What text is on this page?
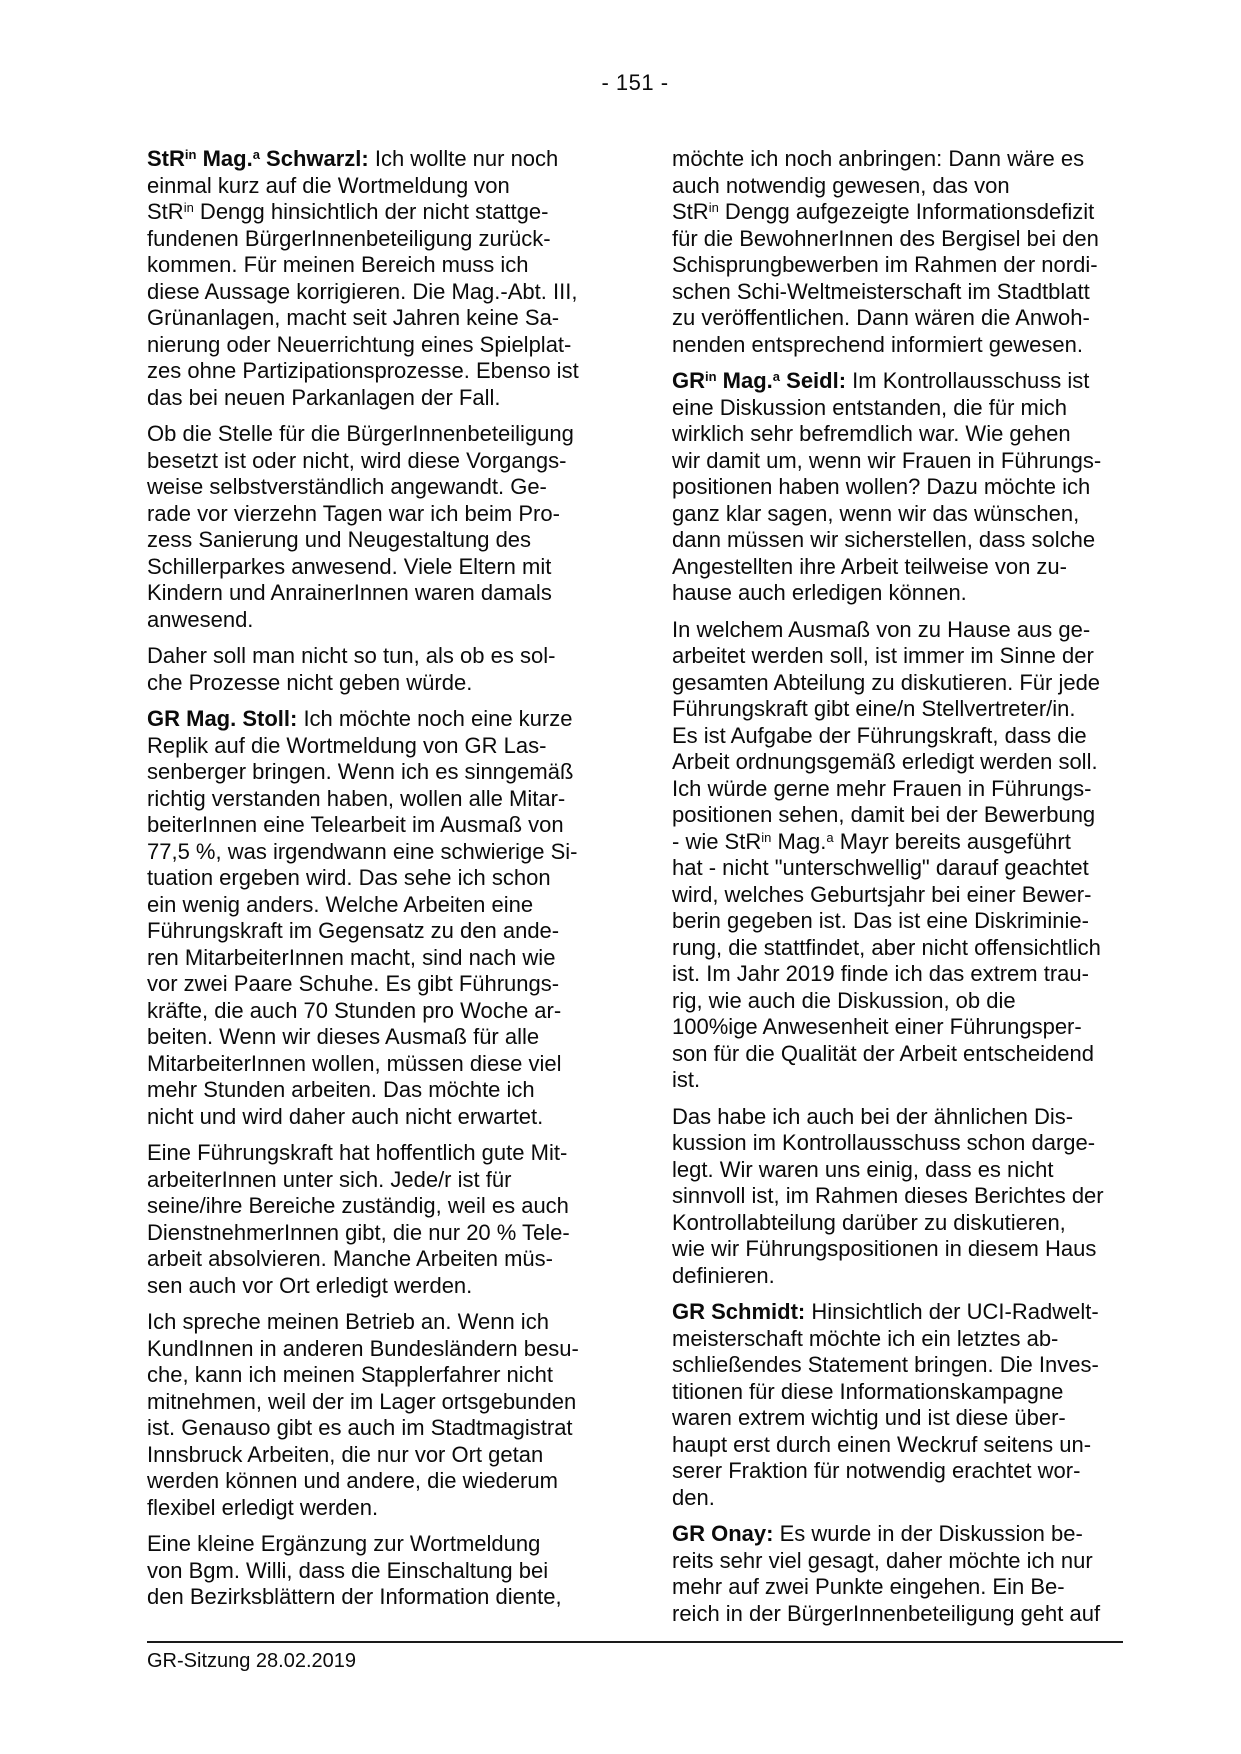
- 151 -
StR$^{in}$ Mag.$^a$ Schwarzl: Ich wollte nur noch
einmal kurz auf die Wortmeldung von
StR$^{in}$ Dengg hinsichtlich der nicht stattge-
fundenen BürgerInnenbeteiligung zurück-
kommen. Für meinen Bereich muss ich
diese Aussage korrigieren. Die Mag.-Abt. III,
Grünanlagen, macht seit Jahren keine Sa-
nierung oder Neuerrichtung eines Spielplat-
zes ohne Partizipationsprozesse. Ebenso ist
das bei neuen Parkanlagen der Fall.
Ob die Stelle für die BürgerInnenbeteiligung
besetzt ist oder nicht, wird diese Vorgangs-
weise selbstverständlich angewandt. Ge-
rade vor vierzehn Tagen war ich beim Pro-
zess Sanierung und Neugestaltung des
Schillerparkes anwesend. Viele Eltern mit
Kindern und AnrainerInnen waren damals
anwesend.
Daher soll man nicht so tun, als ob es sol-
che Prozesse nicht geben würde.
GR Mag. Stoll: Ich möchte noch eine kurze
Replik auf die Wortmeldung von GR Las-
senberger bringen. Wenn ich es sinngemäß
richtig verstanden haben, wollen alle Mitar-
beiterInnen eine Telearbeit im Ausmaß von
77,5 %, was irgendwann eine schwierige Si-
tuation ergeben wird. Das sehe ich schon
ein wenig anders. Welche Arbeiten eine
Führungskraft im Gegensatz zu den ande-
ren MitarbeiterInnen macht, sind nach wie
vor zwei Paare Schuhe. Es gibt Führungs-
kräfte, die auch 70 Stunden pro Woche ar-
beiten. Wenn wir dieses Ausmaß für alle
MitarbeiterInnen wollen, müssen diese viel
mehr Stunden arbeiten. Das möchte ich
nicht und wird daher auch nicht erwartet.
Eine Führungskraft hat hoffentlich gute Mit-
arbeiterInnen unter sich. Jede/r ist für
seine/ihre Bereiche zuständig, weil es auch
DienstnehmerInnen gibt, die nur 20 % Tele-
arbeit absolvieren. Manche Arbeiten müs-
sen auch vor Ort erledigt werden.
Ich spreche meinen Betrieb an. Wenn ich
KundInnen in anderen Bundesländern besu-
che, kann ich meinen Stapplerfahrer nicht
mitnehmen, weil der im Lager ortsgebunden
ist. Genauso gibt es auch im Stadtmagistrat
Innsbruck Arbeiten, die nur vor Ort getan
werden können und andere, die wiederum
flexibel erledigt werden.
Eine kleine Ergänzung zur Wortmeldung
von Bgm. Willi, dass die Einschaltung bei
den Bezirksblättern der Information diente,
möchte ich noch anbringen: Dann wäre es
auch notwendig gewesen, das von
StR$^{in}$ Dengg aufgezeigte Informationsdefizit
für die BewohnerInnen des Bergisel bei den
Schisprungbewerben im Rahmen der nordi-
schen Schi-Weltmeisterschaft im Stadtblatt
zu veröffentlichen. Dann wären die Anwoh-
nenden entsprechend informiert gewesen.
$GR^{in}$ Mag.$^a$ Seidl: Im Kontrollausschuss ist
eine Diskussion entstanden, die für mich
wirklich sehr befremdlich war. Wie gehen
wir damit um, wenn wir Frauen in Führungs-
positionen haben wollen? Dazu möchte ich
ganz klar sagen, wenn wir das wünschen,
dann müssen wir sicherstellen, dass solche
Angestellten ihre Arbeit teilweise von zu-
hause auch erledigen können.
In welchem Ausmaß von zu Hause aus ge-
arbeitet werden soll, ist immer im Sinne der
gesamten Abteilung zu diskutieren. Für jede
Führungskraft gibt eine/n Stellvertreter/in.
Es ist Aufgabe der Führungskraft, dass die
Arbeit ordnungsgemäß erledigt werden soll.
Ich würde gerne mehr Frauen in Führungs-
positionen sehen, damit bei der Bewerbung
- wie StR$^{in}$ Mag.$^a$ Mayr bereits ausgeführt
hat - nicht "unterschwellig" darauf geachtet
wird, welches Geburtsjahr bei einer Bewer-
berin gegeben ist. Das ist eine Diskriminie-
rung, die stattfindet, aber nicht offensichtlich
ist. Im Jahr 2019 finde ich das extrem trau-
rig, wie auch die Diskussion, ob die
100%ige Anwesenheit einer Führungsper-
son für die Qualität der Arbeit entscheidend
ist.
Das habe ich auch bei der ähnlichen Dis-
kussion im Kontrollausschuss schon darge-
legt. Wir waren uns einig, dass es nicht
sinnvoll ist, im Rahmen dieses Berichtes der
Kontrollabteilung darüber zu diskutieren,
wie wir Führungspositionen in diesem Haus
definieren.
GR Schmidt: Hinsichtlich der UCI-Radwelt-
meisterschaft möchte ich ein letztes ab-
schließendes Statement bringen. Die Inves-
titionen für diese Informationskampagne
waren extrem wichtig und ist diese über-
haupt erst durch einen Weckruf seitens un-
serer Fraktion für notwendig erachtet wor-
den.
GR Onay: Es wurde in der Diskussion be-
reits sehr viel gesagt, daher möchte ich nur
mehr auf zwei Punkte eingehen. Ein Be-
reich in der BürgerInnenbeteiligung geht auf
GR-Sitzung 28.02.2019
